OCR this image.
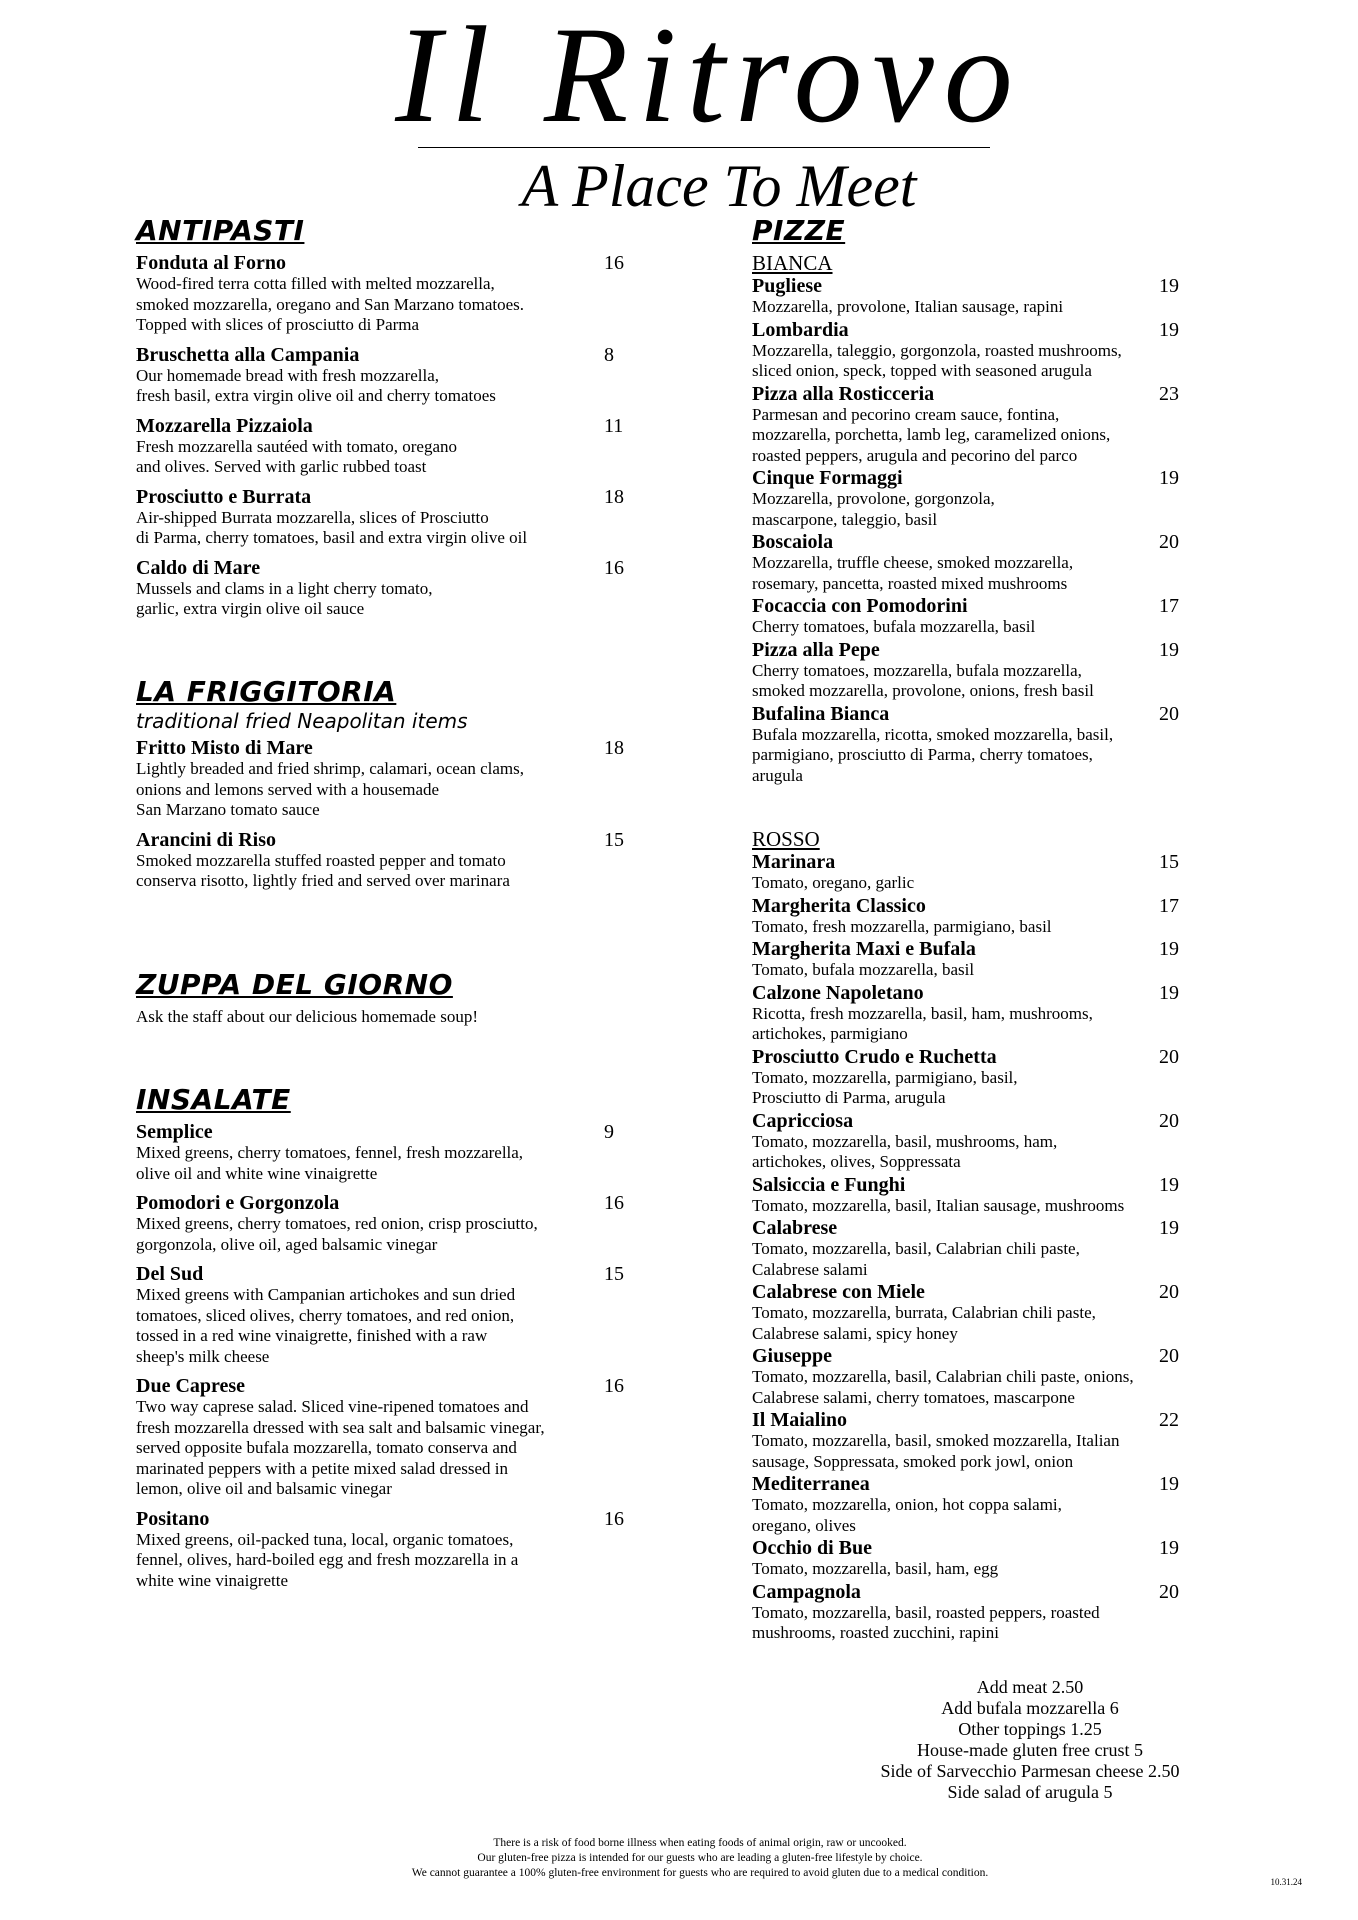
Il Ritrovo
A Place To Meet
ANTIPASTI
Fonduta al Forno	16
Wood-fired terra cotta filled with melted mozzarella,
smoked mozzarella, oregano and San Marzano tomatoes.
Topped with slices of prosciutto di Parma
Bruschetta alla Campania	8
Our homemade bread with fresh mozzarella,
fresh basil, extra virgin olive oil and cherry tomatoes
Mozzarella Pizzaiola	11
Fresh mozzarella sautéed with tomato, oregano
and olives. Served with garlic rubbed toast
Prosciutto e Burrata	18
Air-shipped Burrata mozzarella, slices of Prosciutto
di Parma, cherry tomatoes, basil and extra virgin olive oil
Caldo di Mare	16
Mussels and clams in a light cherry tomato,
garlic, extra virgin olive oil sauce
LA FRIGGITORIA
traditional fried Neapolitan items
Fritto Misto di Mare	18
Lightly breaded and fried shrimp, calamari, ocean clams,
onions and lemons served with a housemade
San Marzano tomato sauce
Arancini di Riso	15
Smoked mozzarella stuffed roasted pepper and tomato
conserva risotto, lightly fried and served over marinara
ZUPPA DEL GIORNO
Ask the staff about our delicious homemade soup!
INSALATE
Semplice	9
Mixed greens, cherry tomatoes, fennel, fresh mozzarella,
olive oil and white wine vinaigrette
Pomodori e Gorgonzola	16
Mixed greens, cherry tomatoes, red onion, crisp prosciutto,
gorgonzola, olive oil, aged balsamic vinegar
Del Sud	15
Mixed greens with Campanian artichokes and sun dried
tomatoes, sliced olives, cherry tomatoes, and red onion,
tossed in a red wine vinaigrette, finished with a raw
sheep's milk cheese
Due Caprese	16
Two way caprese salad. Sliced vine-ripened tomatoes and
fresh mozzarella dressed with sea salt and balsamic vinegar,
served opposite bufala mozzarella, tomato conserva and
marinated peppers with a petite mixed salad dressed in
lemon, olive oil and balsamic vinegar
Positano	16
Mixed greens, oil-packed tuna, local, organic tomatoes,
fennel, olives, hard-boiled egg and fresh mozzarella in a
white wine vinaigrette
PIZZE
BIANCA
Pugliese	19
Mozzarella, provolone, Italian sausage, rapini
Lombardia	19
Mozzarella, taleggio, gorgonzola, roasted mushrooms,
sliced onion, speck, topped with seasoned arugula
Pizza alla Rosticceria	23
Parmesan and pecorino cream sauce, fontina,
mozzarella, porchetta, lamb leg, caramelized onions,
roasted peppers, arugula and pecorino del parco
Cinque Formaggi	19
Mozzarella, provolone, gorgonzola,
mascarpone, taleggio, basil
Boscaiola	20
Mozzarella, truffle cheese, smoked mozzarella,
rosemary, pancetta, roasted mixed mushrooms
Focaccia con Pomodorini	17
Cherry tomatoes, bufala mozzarella, basil
Pizza alla Pepe	19
Cherry tomatoes, mozzarella, bufala mozzarella,
smoked mozzarella, provolone, onions, fresh basil
Bufalina Bianca	20
Bufala mozzarella, ricotta, smoked mozzarella, basil,
parmigiano, prosciutto di Parma, cherry tomatoes,
arugula
ROSSO
Marinara	15
Tomato, oregano, garlic
Margherita Classico	17
Tomato, fresh mozzarella, parmigiano, basil
Margherita Maxi e Bufala	19
Tomato, bufala mozzarella, basil
Calzone Napoletano	19
Ricotta, fresh mozzarella, basil, ham, mushrooms,
artichokes, parmigiano
Prosciutto Crudo e Ruchetta	20
Tomato, mozzarella, parmigiano, basil,
Prosciutto di Parma, arugula
Capricciosa	20
Tomato, mozzarella, basil, mushrooms, ham,
artichokes, olives, Soppressata
Salsiccia e Funghi	19
Tomato, mozzarella, basil, Italian sausage, mushrooms
Calabrese	19
Tomato, mozzarella, basil, Calabrian chili paste,
Calabrese salami
Calabrese con Miele	20
Tomato, mozzarella, burrata, Calabrian chili paste,
Calabrese salami, spicy honey
Giuseppe	20
Tomato, mozzarella, basil, Calabrian chili paste, onions,
Calabrese salami, cherry tomatoes, mascarpone
Il Maialino	22
Tomato, mozzarella, basil, smoked mozzarella, Italian
sausage, Soppressata, smoked pork jowl, onion
Mediterranea	19
Tomato, mozzarella, onion, hot coppa salami,
oregano, olives
Occhio di Bue	19
Tomato, mozzarella, basil, ham, egg
Campagnola	20
Tomato, mozzarella, basil, roasted peppers, roasted
mushrooms, roasted zucchini, rapini
Add meat 2.50
Add bufala mozzarella 6
Other toppings 1.25
House-made gluten free crust 5
Side of Sarvecchio Parmesan cheese 2.50
Side salad of arugula 5
There is a risk of food borne illness when eating foods of animal origin, raw or uncooked.
Our gluten-free pizza is intended for our guests who are leading a gluten-free lifestyle by choice.
We cannot guarantee a 100% gluten-free environment for guests who are required to avoid gluten due to a medical condition.
10.31.24
